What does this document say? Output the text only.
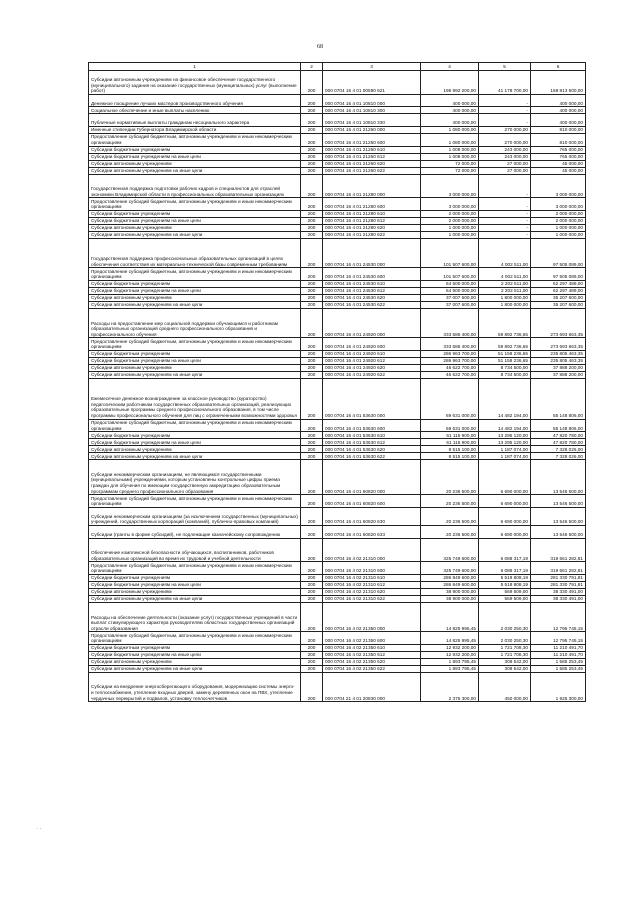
68
1	2	3	4	5	6
Субсидии автономным учреждениям на финансовое обеспечение государственного (муниципального) задания на оказание государственных (муниципальных) услуг (выполнение работ)	200	000 0704 16 4 01 00590 621	196 992 200,00	41 178 700,00	158 813 500,00
Денежное поощрение лучших мастеров производственного обучения	200	000 0704 16 4 01 10810 000	400 000,00	-	400 000,00
Социальное обеспечение и иные выплаты населению	200	000 0704 16 4 01 10810 300	400 000,00	-	400 000,00
Публичные нормативные выплаты гражданам несоциального характера	200	000 0704 16 4 01 10810 330	400 000,00	-	400 000,00
Именные стипендии Губернатора Владимирской области	200	000 0704 16 4 01 21260 000	1 080 000,00	270 000,00	810 000,00
Предоставление субсидий бюджетным, автономным учреждениям и иным некоммерческим организациям	200	000 0704 16 4 01 21260 600	1 080 000,00	270 000,00	810 000,00
Субсидии бюджетным учреждениям	200	000 0704 16 4 01 21260 610	1 008 000,00	243 000,00	765 000,00
Субсидии бюджетным учреждениям на иные цели	200	000 0704 16 4 01 21260 612	1 008 000,00	243 000,00	765 000,00
Субсидии автономным учреждениям	200	000 0704 16 4 01 21260 620	72 000,00	27 000,00	45 000,00
Субсидии автономным учреждениям на иные цели	200	000 0704 16 4 01 21260 622	72 000,00	27 000,00	45 000,00
Государственная поддержка подготовки рабочих кадров и специалистов для отраслей экономики Владимирской области в профессиональных образовательных организациях	200	000 0704 16 4 01 21280 000	3 000 000,00	-	3 000 000,00
Предоставление субсидий бюджетным, автономным учреждениям и иным некоммерческим организациям	200	000 0704 16 4 01 21280 600	3 000 000,00	-	3 000 000,00
Субсидии бюджетным учреждениям	200	000 0704 16 4 01 21280 610	2 000 000,00	-	2 000 000,00
Субсидии бюджетным учреждениям на иные цели	200	000 0704 16 4 01 21280 612	2 000 000,00	-	2 000 000,00
Субсидии автономным учреждениям	200	000 0704 16 4 01 21280 620	1 000 000,00	-	1 000 000,00
Субсидии автономным учреждениям на иные цели	200	000 0704 16 4 01 21280 622	1 000 000,00	-	1 000 000,00
Государственная поддержка профессиональных образовательных организаций в целях обеспечения соответствия их материально-технической базы современным требованиям	200	000 0704 16 4 01 24530 000	101 507 600,00	4 002 511,00	97 505 089,00
Предоставление субсидий бюджетным, автономным учреждениям и иным некоммерческим организациям	200	000 0704 16 4 01 24530 600	101 507 600,00	4 002 511,00	97 505 089,00
Субсидии бюджетным учреждениям	200	000 0704 16 4 01 24530 610	64 500 000,00	2 202 511,00	62 297 489,00
Субсидии бюджетным учреждениям на иные цели	200	000 0704 16 4 01 24530 612	64 500 000,00	2 202 511,00	62 297 489,00
Субсидии автономным учреждениям	200	000 0704 16 4 01 24530 620	37 007 600,00	1 800 000,00	35 207 600,00
Субсидии автономным учреждениям на иные цели	200	000 0704 16 4 01 24530 622	37 007 600,00	1 800 000,00	35 207 600,00
Расходы на предоставление мер социальной поддержки обучающимся и работникам образовательных организаций среднего профессионального образования и профессионального обучения	200	000 0704 16 4 01 24920 000	333 586 400,00	59 892 736,65	273 693 663,35
Предоставление субсидий бюджетным, автономным учреждениям и иным некоммерческим организациям	200	000 0704 16 4 01 24920 600	333 586 400,00	59 892 736,65	273 693 663,35
Субсидии бюджетным учреждениям	200	000 0704 16 4 01 24920 610	286 963 700,00	51 158 236,65	235 805 463,35
Субсидии бюджетным учреждениям на иные цели	200	000 0704 16 4 01 24920 612	286 963 700,00	51 158 236,65	235 805 463,35
Субсидии автономным учреждениям	200	000 0704 16 4 01 24920 620	46 622 700,00	8 734 500,00	37 888 200,00
Субсидии автономным учреждениям на иные цели	200	000 0704 16 4 01 24920 622	46 622 700,00	8 734 500,00	37 888 200,00
Ежемесячное денежное вознаграждение за классное руководство (кураторство) педагогическим работникам государственных образовательных организаций, реализующих образовательные программы среднего профессионального образования, в том числе программы профессионального обучения для лиц с ограниченными возможностями здоровья	200	000 0704 16 4 01 53630 000	69 631 000,00	14 482 194,00	55 148 806,00
Предоставление субсидий бюджетным, автономным учреждениям и иным некоммерческим организациям	200	000 0704 16 4 01 53630 600	69 631 000,00	14 482 194,00	55 148 806,00
Субсидии бюджетным учреждениям	200	000 0704 16 4 01 53630 610	61 115 900,00	13 295 120,00	47 820 780,00
Субсидии бюджетным учреждениям на иные цели	200	000 0704 16 4 01 53630 612	61 115 900,00	13 295 120,00	47 820 780,00
Субсидии автономным учреждениям	200	000 0704 16 4 01 53630 620	8 515 100,00	1 187 074,00	7 328 026,00
Субсидии автономным учреждениям на иные цели	200	000 0704 16 4 01 53630 622	8 515 100,00	1 187 074,00	7 328 026,00
Субсидии некоммерческим организациям, не являющимся государственными (муниципальными) учреждениями, которым установлены контрольные цифры приема граждан для обучения по имеющим государственную аккредитацию образовательным программам среднего профессионального образования	200	000 0704 16 4 01 60820 000	20 236 500,00	6 690 000,00	13 546 500,00
Предоставление субсидий бюджетным, автономным учреждениям и иным некоммерческим организациям	200	000 0704 16 4 01 60820 600	20 236 500,00	6 690 000,00	13 546 500,00
Субсидии некоммерческим организациям (за исключением государственных (муниципальных) учреждений, государственных корпораций (компаний), публично-правовых компаний)	200	000 0704 16 4 01 60820 630	20 236 500,00	6 690 000,00	13 546 500,00
Субсидии (гранты в форме субсидий), не подлежащие казначейскому сопровождению	200	000 0704 16 4 01 60820 633	20 236 500,00	6 690 000,00	13 546 500,00
Обеспечение комплексной безопасности обучающихся, воспитанников, работников образовательных организаций во время их трудовой и учебной деятельности	200	000 0704 16 4 02 21310 000	325 749 600,00	6 088 317,19	319 661 282,81
Предоставление субсидий бюджетным, автономным учреждениям и иным некоммерческим организациям	200	000 0704 16 4 02 21310 600	325 749 600,00	6 088 317,19	319 661 282,81
Субсидии бюджетным учреждениям	200	000 0704 16 4 02 21310 610	286 849 600,00	5 518 808,19	281 330 791,81
Субсидии бюджетным учреждениям на иные цели	200	000 0704 16 4 02 21310 612	286 849 600,00	5 518 808,19	281 330 791,81
Субсидии автономным учреждениям	200	000 0704 16 4 02 21310 620	38 900 000,00	569 509,00	38 330 491,00
Субсидии автономным учреждениям на иные цели	200	000 0704 16 4 02 21310 622	38 900 000,00	569 509,00	38 330 491,00
Расходы на обеспечение деятельности (оказание услуг) государственных учреждений в части выплат стимулирующего характера руководителям областных государственных организаций отрасли образования	200	000 0704 16 4 02 21350 000	14 825 995,45	2 030 250,30	12 795 745,15
Предоставление субсидий бюджетным, автономным учреждениям и иным некоммерческим организациям	200	000 0704 16 4 02 21350 600	14 825 995,45	2 030 250,30	12 795 745,15
Субсидии бюджетным учреждениям	200	000 0704 16 4 02 21350 610	12 932 200,00	1 721 708,30	11 210 491,70
Субсидии бюджетным учреждениям на иные цели	200	000 0704 16 4 02 21350 612	12 932 200,00	1 721 708,30	11 210 491,70
Субсидии автономным учреждениям	200	000 0704 16 4 02 21350 620	1 893 795,45	308 542,00	1 585 253,45
Субсидии автономным учреждениям на иные цели	200	000 0704 16 4 02 21350 622	1 893 795,45	308 542,00	1 585 253,45
Субсидии на внедрение энергосберегающего оборудования, модернизацию системы энерго- и теплоснабжения, утепление входных дверей, замену деревянных окон на ПВХ, утепление чердачных перекрытий и подвалов, установку теплосчетчиков	200	000 0704 21 4 01 20830 000	2 375 300,00	450 000,00	1 925 300,00
· ·
